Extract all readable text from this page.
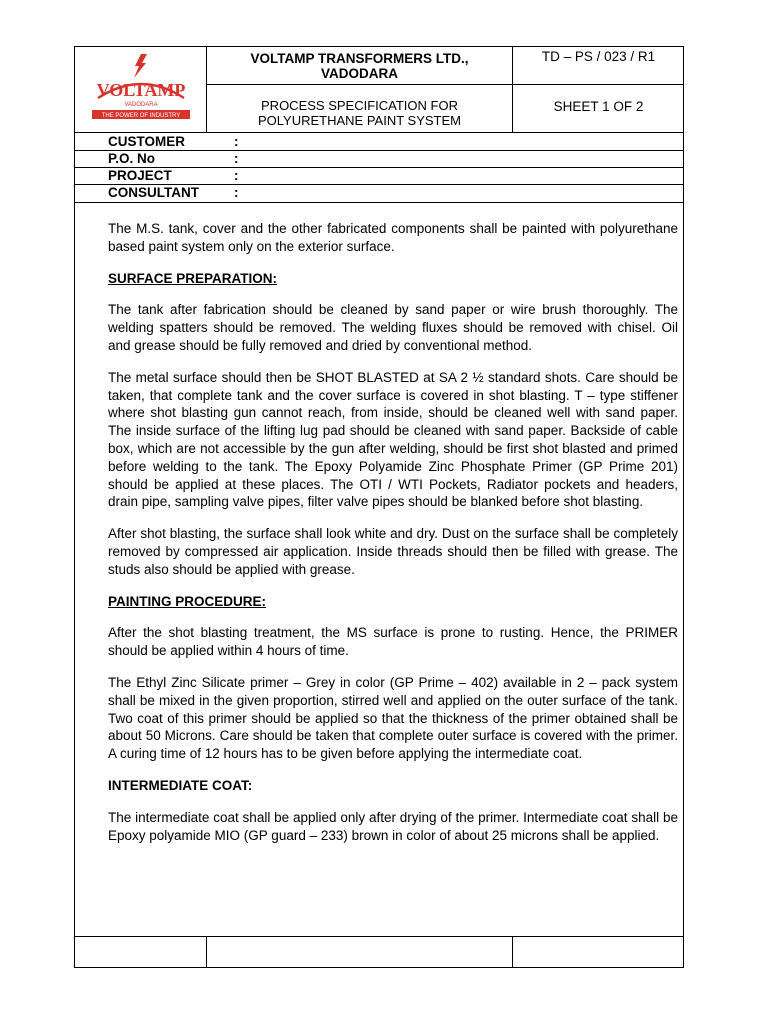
VOLTAMP
VADODARA
THE POWER OF INDUSTRY
VOLTAMP TRANSFORMERS LTD.,
VADODARA
TD – PS / 023 / R1
PROCESS SPECIFICATION FOR
POLYURETHANE PAINT SYSTEM
SHEET 1 OF 2
CUSTOMER	:
P.O. No	:
PROJECT	:
CONSULTANT	:

The M.S. tank, cover and the other fabricated components shall be painted with polyurethane based paint system only on the exterior surface.

SURFACE PREPARATION:

The tank after fabrication should be cleaned by sand paper or wire brush thoroughly. The welding spatters should be removed. The welding fluxes should be removed with chisel. Oil and grease should be fully removed and dried by conventional method.

The metal surface should then be SHOT BLASTED at SA 2 ½ standard shots. Care should be taken, that complete tank and the cover surface is covered in shot blasting. T – type stiffener where shot blasting gun cannot reach, from inside, should be cleaned well with sand paper. The inside surface of the lifting lug pad should be cleaned with sand paper. Backside of cable box, which are not accessible by the gun after welding, should be first shot blasted and primed before welding to the tank. The Epoxy Polyamide Zinc Phosphate Primer (GP Prime 201) should be applied at these places. The OTI / WTI Pockets, Radiator pockets and headers, drain pipe, sampling valve pipes, filter valve pipes should be blanked before shot blasting.

After shot blasting, the surface shall look white and dry. Dust on the surface shall be completely removed by compressed air application. Inside threads should then be filled with grease. The studs also should be applied with grease.

PAINTING PROCEDURE:

After the shot blasting treatment, the MS surface is prone to rusting. Hence, the PRIMER should be applied within 4 hours of time.

The Ethyl Zinc Silicate primer – Grey in color (GP Prime – 402) available in 2 – pack system shall be mixed in the given proportion, stirred well and applied on the outer surface of the tank. Two coat of this primer should be applied so that the thickness of the primer obtained shall be about 50 Microns. Care should be taken that complete outer surface is covered with the primer. A curing time of 12 hours has to be given before applying the intermediate coat.

INTERMEDIATE COAT:

The intermediate coat shall be applied only after drying of the primer. Intermediate coat shall be Epoxy polyamide MIO (GP guard – 233) brown in color of about 25 microns shall be applied.
